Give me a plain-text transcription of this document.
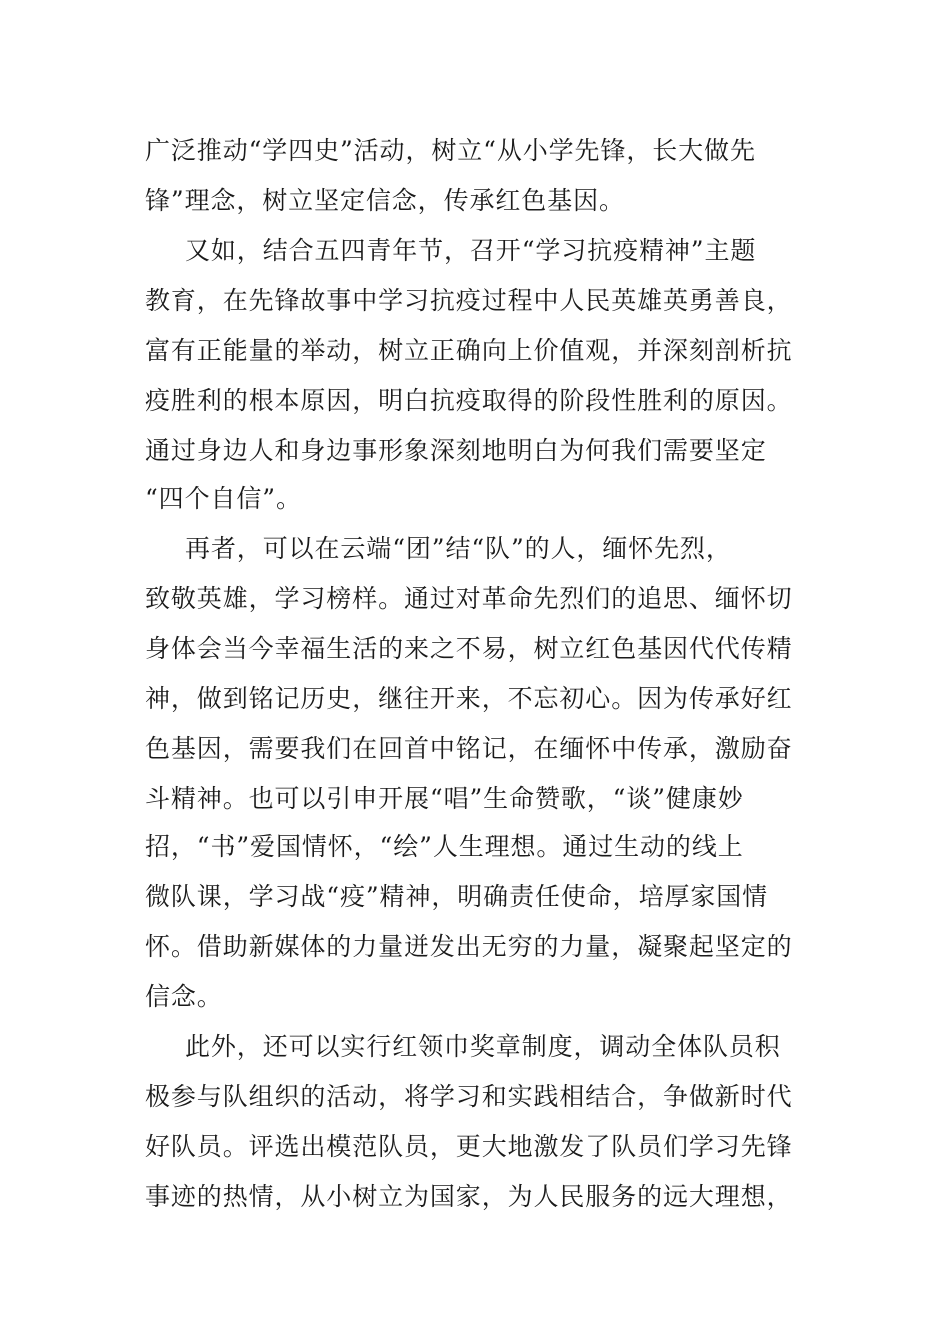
广泛推动“学四史”活动，树立“从小学先锋，长大做先
锋”理念，树立坚定信念，传承红色基因。
又如，结合五四青年节，召开“学习抗疫精神”主题
教育，在先锋故事中学习抗疫过程中人民英雄英勇善良，
富有正能量的举动，树立正确向上价值观，并深刻剖析抗
疫胜利的根本原因，明白抗疫取得的阶段性胜利的原因。
通过身边人和身边事形象深刻地明白为何我们需要坚定
“四个自信”。
再者，可以在云端“团”结“队”的人，缅怀先烈，
致敬英雄，学习榜样。通过对革命先烈们的追思、缅怀切
身体会当今幸福生活的来之不易，树立红色基因代代传精
神，做到铭记历史，继往开来，不忘初心。因为传承好红
色基因，需要我们在回首中铭记，在缅怀中传承，激励奋
斗精神。也可以引申开展“唱”生命赞歌，“谈”健康妙
招，“书”爱国情怀，“绘”人生理想。通过生动的线上
微队课，学习战“疫”精神，明确责任使命，培厚家国情
怀。借助新媒体的力量迸发出无穷的力量，凝聚起坚定的
信念。
此外，还可以实行红领巾奖章制度，调动全体队员积
极参与队组织的活动，将学习和实践相结合，争做新时代
好队员。评选出模范队员，更大地激发了队员们学习先锋
事迹的热情，从小树立为国家，为人民服务的远大理想，
